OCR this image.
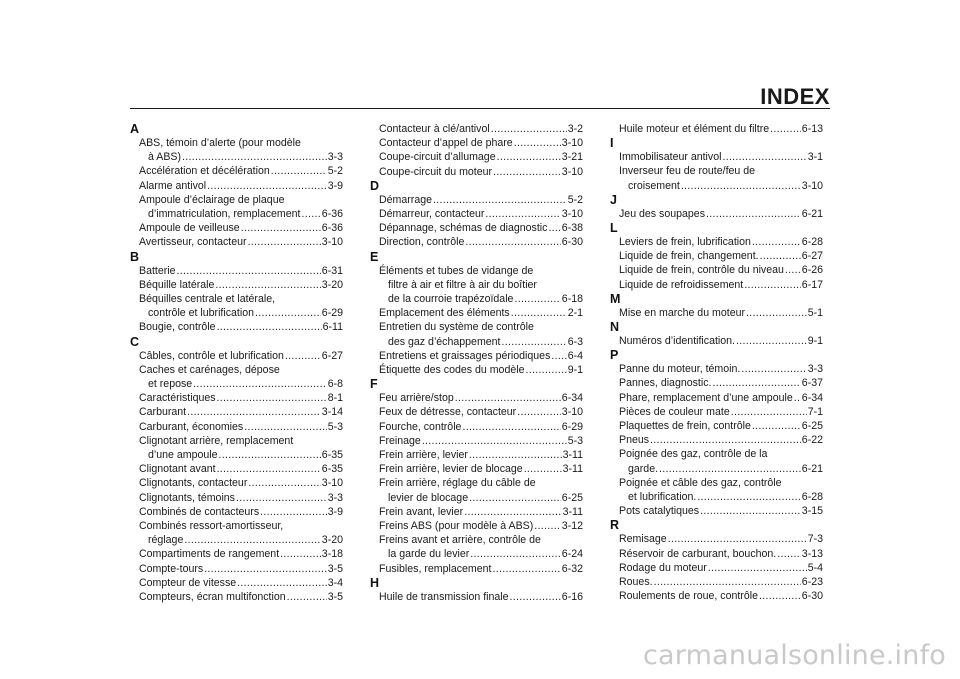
INDEX
A
ABS, témoin d’alerte (pour modèle
à ABS) .....	3-3
Accélération et décélération .....	5-2
Alarme antivol .....	3-9
Ampoule d’éclairage de plaque
d’immatriculation, remplacement ..... 6-36
Ampoule de veilleuse .....	6-36
Avertisseur, contacteur .....	3-10
B
Batterie .....	6-31
Béquille latérale .....	3-20
Béquilles centrale et latérale,
contrôle et lubrification .....	6-29
Bougie, contrôle .....	6-11
C
Câbles, contrôle et lubrification .....	6-27
Caches et carénages, dépose
et repose .....	6-8
Caractéristiques .....	8-1
Carburant .....	3-14
Carburant, économies .....	5-3
Clignotant arrière, remplacement
d’une ampoule .....	6-35
Clignotant avant .....	6-35
Clignotants, contacteur .....	3-10
Clignotants, témoins .....	3-3
Combinés de contacteurs .....	3-9
Combinés ressort-amortisseur,
réglage .....	3-20
Compartiments de rangement .....	3-18
Compte-tours .....	3-5
Compteur de vitesse .....	3-4
Compteurs, écran multifonction .....	3-5
Contacteur à clé/antivol .....	3-2
Contacteur d’appel de phare .....	3-10
Coupe-circuit d’allumage .....	3-21
Coupe-circuit du moteur .....	3-10
D
Démarrage .....	5-2
Démarreur, contacteur .....	3-10
Dépannage, schémas de diagnostic ..... 6-38
Direction, contrôle .....	6-30
E
Éléments et tubes de vidange de
filtre à air et filtre à air du boîtier
de la courroie trapézoïdale .....	6-18
Emplacement des éléments .....	2-1
Entretien du système de contrôle
des gaz d’échappement .....	6-3
Entretiens et graissages périodiques ..... 6-4
Étiquette des codes du modèle .....	9-1
F
Feu arrière/stop .....	6-34
Feux de détresse, contacteur .....	3-10
Fourche, contrôle .....	6-29
Freinage .....	5-3
Frein arrière, levier .....	3-11
Frein arrière, levier de blocage .....	3-11
Frein arrière, réglage du câble de
levier de blocage .....	6-25
Frein avant, levier .....	3-11
Freins ABS (pour modèle à ABS) .....	3-12
Freins avant et arrière, contrôle de
la garde du levier .....	6-24
Fusibles, remplacement .....	6-32
H
Huile de transmission finale .....	6-16
Huile moteur et élément du filtre .....	6-13
I
Immobilisateur antivol .....	3-1
Inverseur feu de route/feu de
croisement .....	3-10
J
Jeu des soupapes .....	6-21
L
Leviers de frein, lubrification .....	6-28
Liquide de frein, changement. .....	6-27
Liquide de frein, contrôle du niveau ..... 6-26
Liquide de refroidissement .....	6-17
M
Mise en marche du moteur .....	5-1
N
Numéros d’identification. .....	9-1
P
Panne du moteur, témoin. .....	3-3
Pannes, diagnostic. .....	6-37
Phare, remplacement d’une ampoule ..... 6-34
Pièces de couleur mate .....	7-1
Plaquettes de frein, contrôle .....	6-25
Pneus .....	6-22
Poignée des gaz, contrôle de la
garde. .....	6-21
Poignée et câble des gaz, contrôle
et lubrification. .....	6-28
Pots catalytiques .....	3-15
R
Remisage .....	7-3
Réservoir de carburant, bouchon. ..... 3-13
Rodage du moteur .....	5-4
Roues. .....	6-23
Roulements de roue, contrôle .....	6-30
carmanualsonline.info
